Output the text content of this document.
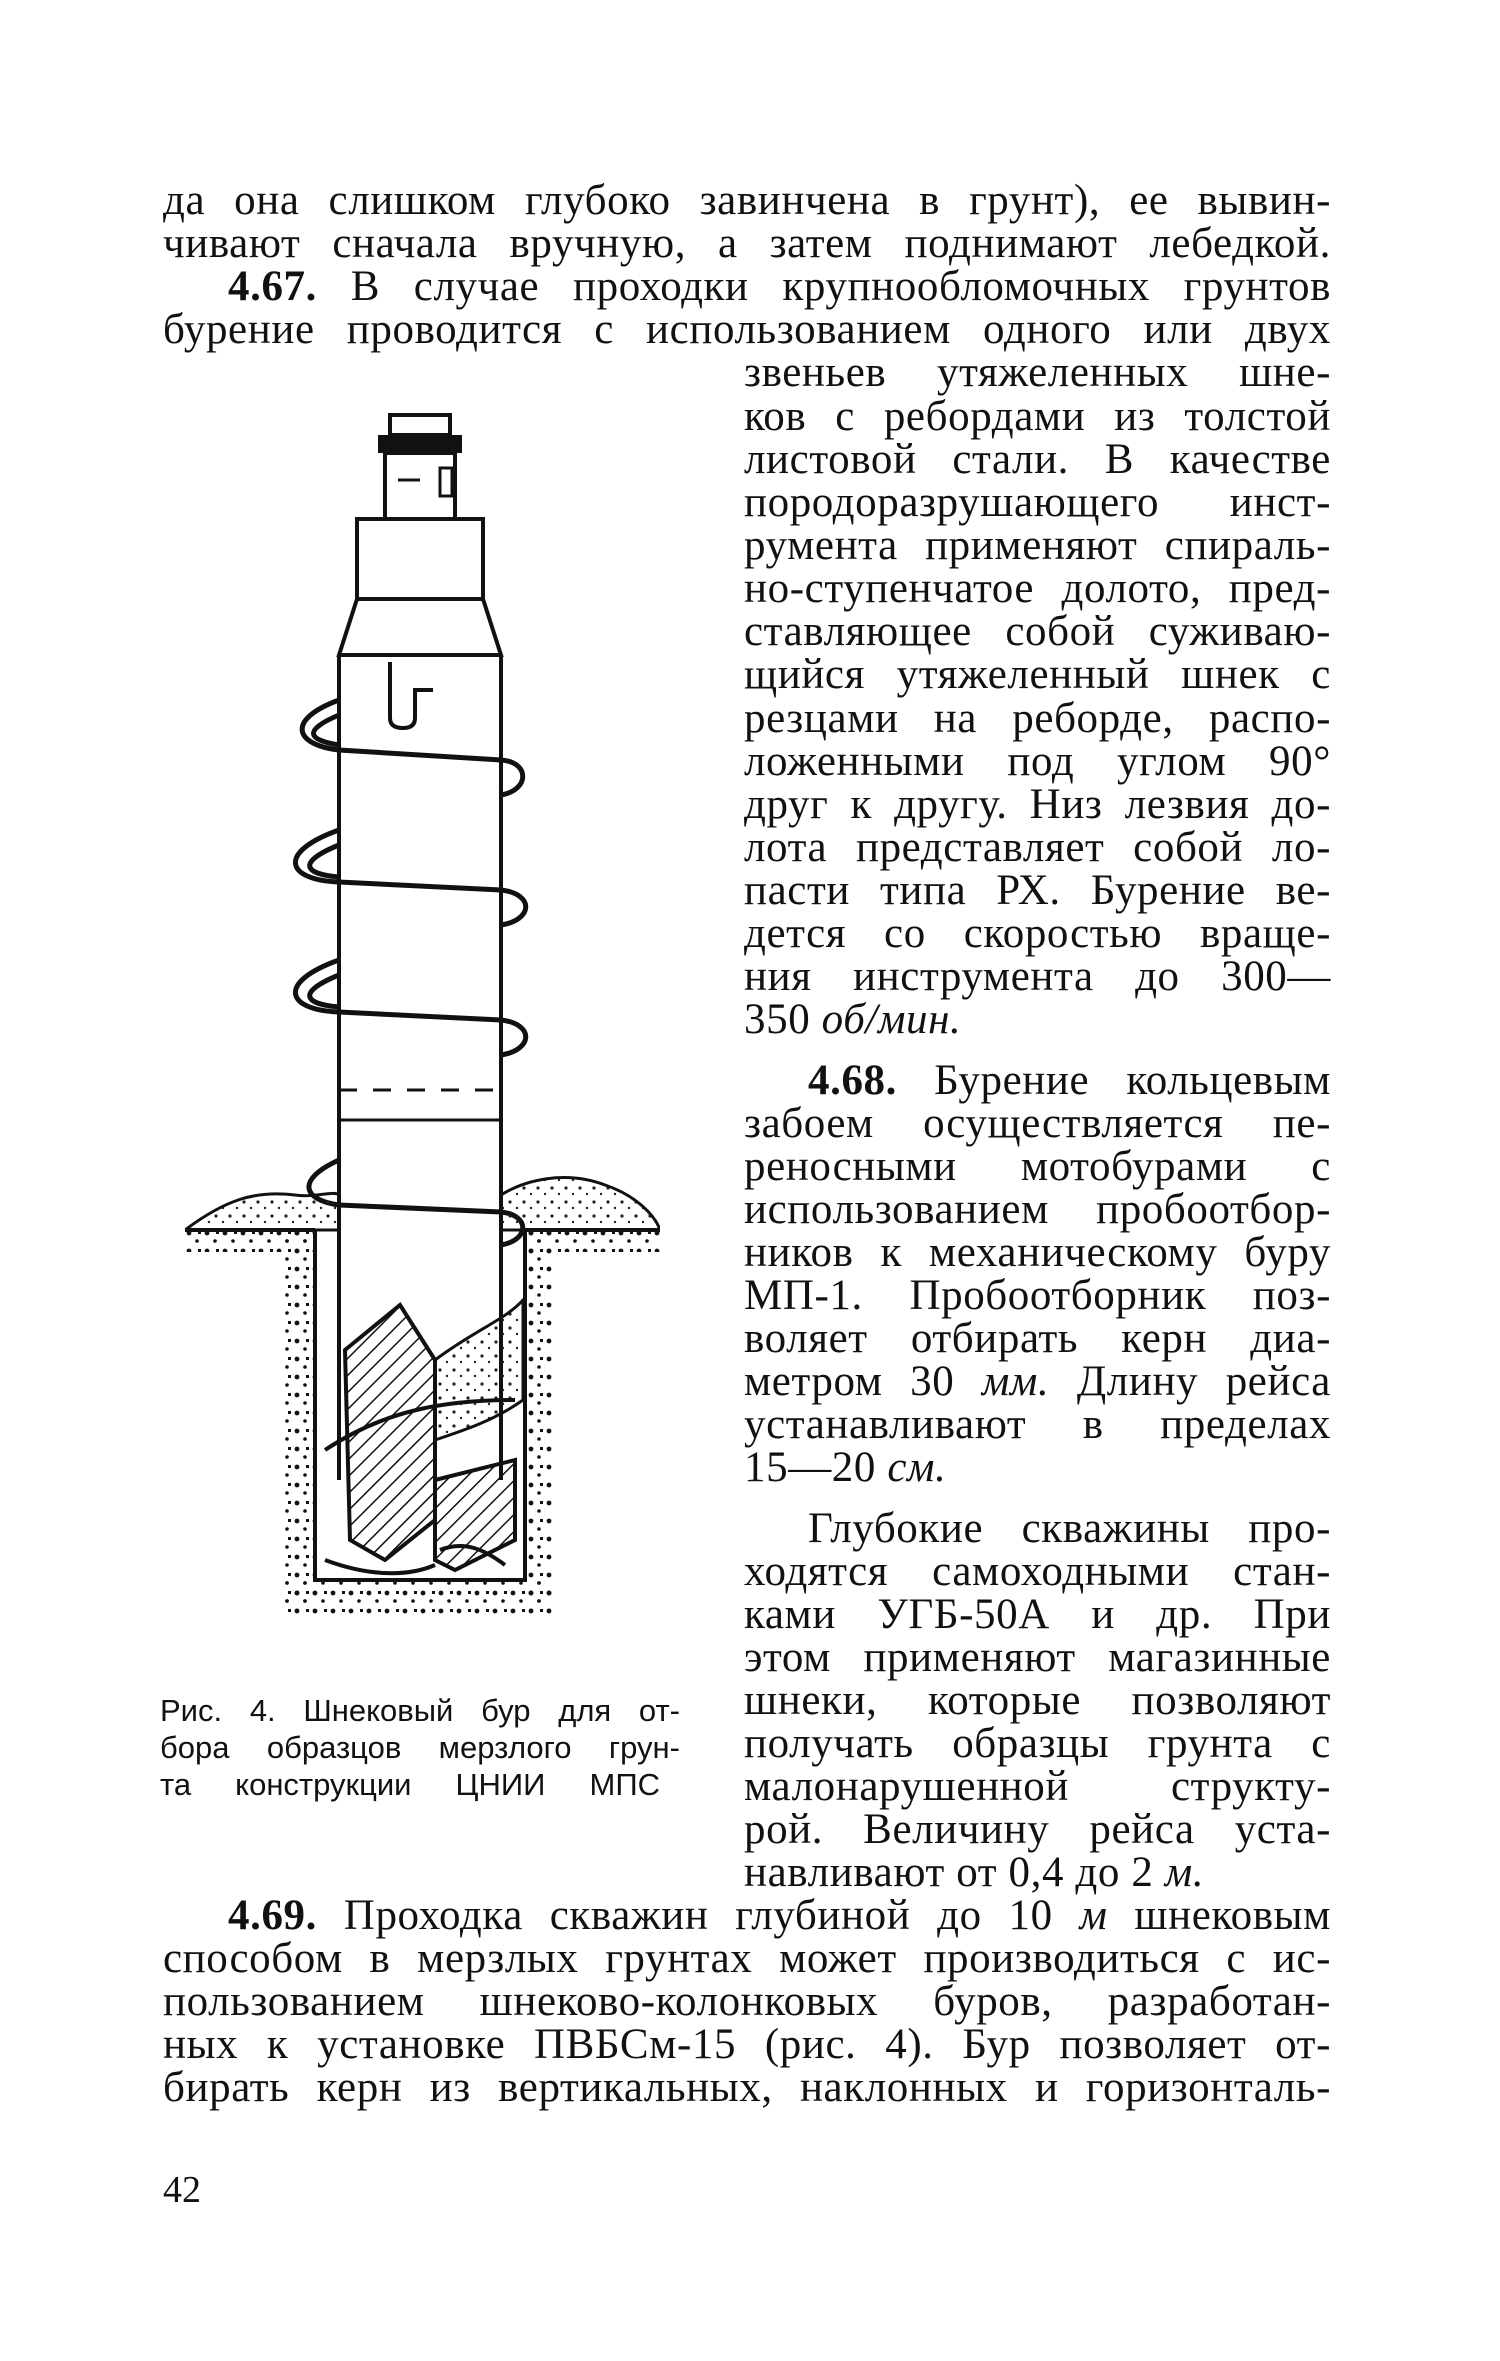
да она слишком глубоко завинчена в грунт), ее вывин-

чивают сначала вручную, а затем поднимают лебедкой.

4.67. В случае проходки крупнообломочных грунтов

бурение проводится с использованием одного или двух

звеньев утяжеленных шне-

ков с ребордами из толстой

листовой стали. В качестве

породоразрушающего инст-

румента применяют спираль-

но-ступенчатое долото, пред-

ставляющее собой суживаю-

щийся утяжеленный шнек с

резцами на реборде, распо-

ложенными под углом 90°

друг к другу. Низ лезвия до-

лота представляет собой ло-

пасти типа РХ. Бурение ве-

дется со скоростью враще-

ния инструмента до 300—

350 об/мин.

4.68. Бурение кольцевым

забоем осуществляется пе-

реносными мотобурами с

использованием пробоотбор-

ников к механическому буру

МП-1. Пробоотборник поз-

воляет отбирать керн диа-

метром 30 мм. Длину рейса

устанавливают в пределах

15—20 см.

Глубокие скважины про-

ходятся самоходными стан-

ками УГБ-50А и др. При

этом применяют магазинные

шнеки, которые позволяют

получать образцы грунта с

малонарушенной структу-

рой. Величину рейса уста-

навливают от 0,4 до 2 м.

4.69. Проходка скважин глубиной до 10 м шнековым

способом в мерзлых грунтах может производиться с ис-

пользованием шнеково-колонковых буров, разработан-

ных к установке ПВБСм-15 (рис. 4). Бур позволяет от-

бирать керн из вертикальных, наклонных и горизонталь-

Рис. 4. Шнековый бур для от-
бора образцов мерзлого грун-
та конструкции ЦНИИ МПС
42
